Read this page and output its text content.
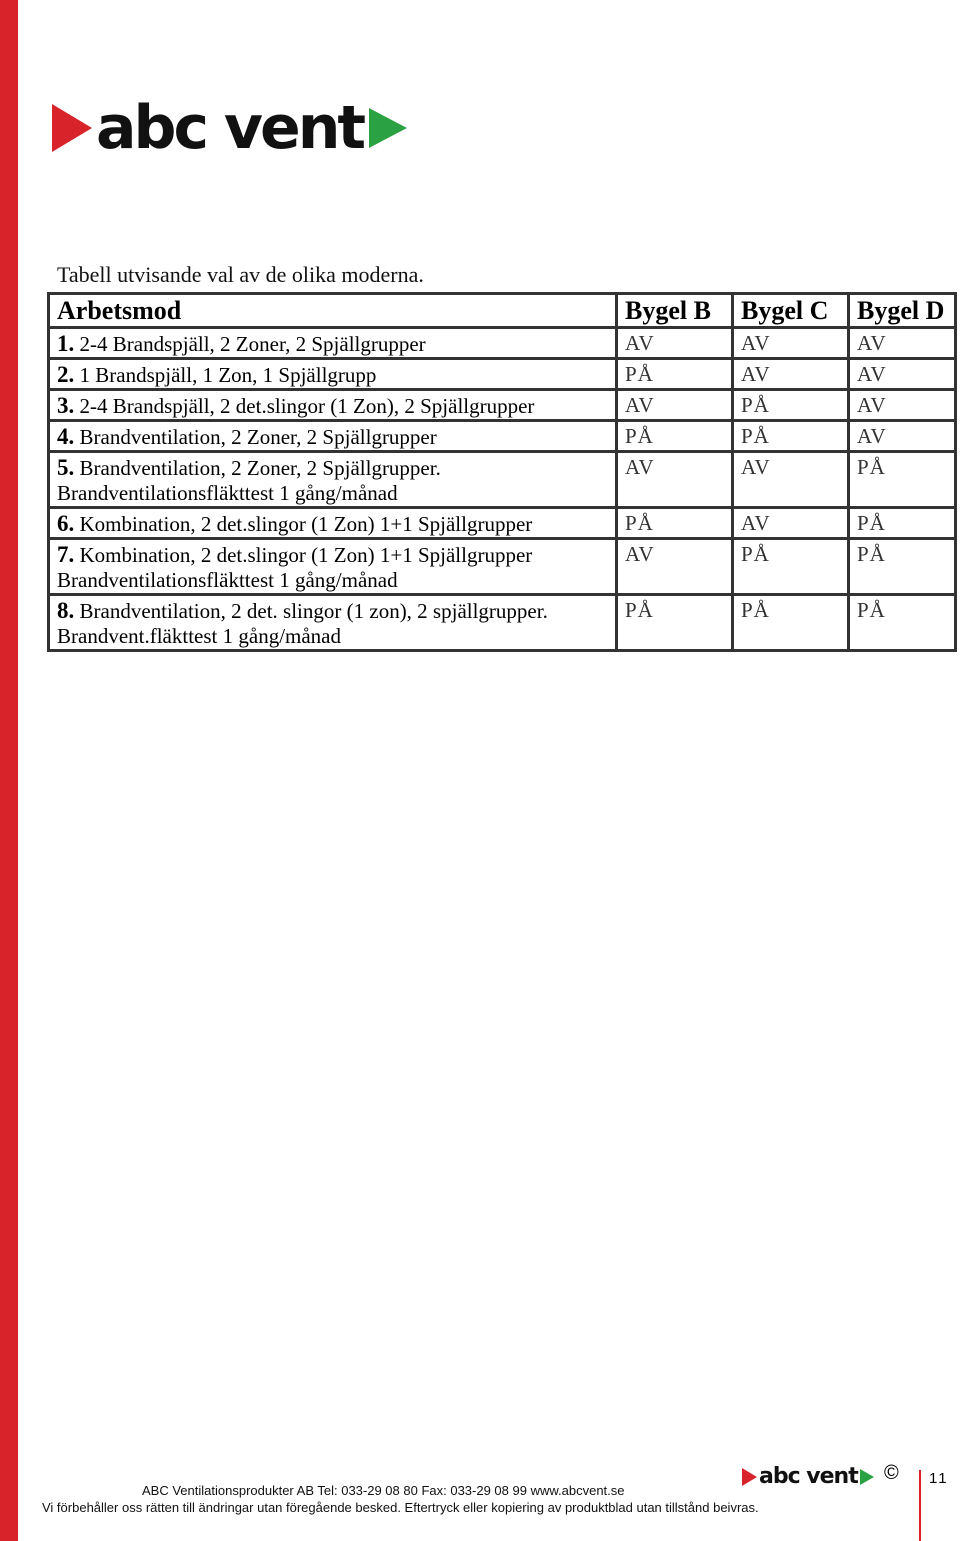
abc vent
Tabell utvisande val av de olika moderna.
Arbetsmod	Bygel B	Bygel C	Bygel D
1. 2-4 Brandspjäll, 2 Zoner, 2 Spjällgrupper	AV	AV	AV
2. 1 Brandspjäll, 1 Zon, 1 Spjällgrupp	PÅ	AV	AV
3. 2-4 Brandspjäll, 2 det.slingor (1 Zon), 2 Spjällgrupper	AV	PÅ	AV
4. Brandventilation, 2 Zoner, 2 Spjällgrupper	PÅ	PÅ	AV
5. Brandventilation, 2 Zoner, 2 Spjällgrupper. Brandventilationsfläkttest 1 gång/månad	AV	AV	PÅ
6. Kombination, 2 det.slingor (1 Zon) 1+1 Spjällgrupper	PÅ	AV	PÅ
7. Kombination, 2 det.slingor (1 Zon) 1+1 Spjällgrupper Brandventilationsfläkttest 1 gång/månad	AV	PÅ	PÅ
8. Brandventilation, 2 det. slingor (1 zon), 2 spjällgrupper. Brandvent.fläkttest 1 gång/månad	PÅ	PÅ	PÅ
abc vent © 11
ABC Ventilationsprodukter AB Tel: 033-29 08 80 Fax: 033-29 08 99 www.abcvent.se
Vi förbehåller oss rätten till ändringar utan föregående besked. Eftertryck eller kopiering av produktblad utan tillstånd beivras.
